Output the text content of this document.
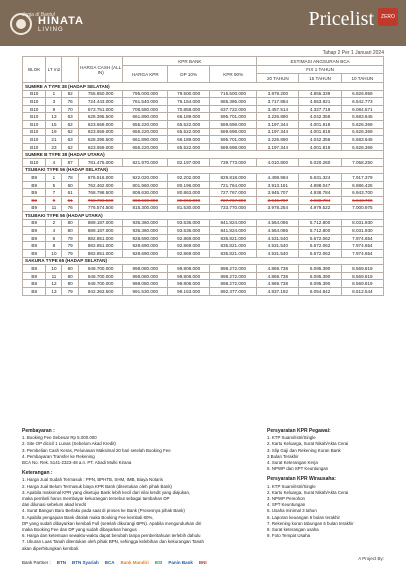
Jogja di Bantul
HINATA
LIVING	Pricelist	ZERO
Tahap 2 Per 1 Januari 2024
BLOK	LT m2		HARGA CASH (ALL IN)	KPR BANK			ESTIMASI ANGSURAN BCA		
				HARGA KPR	DP 10%	KPR 90%	FIX 1 TAHUN		
							20 TAHUN	15 TAHUN	10 TAHUN
SUMIRE A TYPE 38 (HADAP SELATAN)									
B10	1	82	755.850.000	795.000.000	79.500.000	715.500.000	3.879.200	4.855.339	6.826.959
B10	3	76	724.443.000	761.540.000	76.154.000	685.386.000	3.717.884	4.653.821	6.542.773
B10	9	70	673.751.000	708.580.000	70.858.000	637.722.000	3.457.514	4.327.719	6.084.571
B10	13	63	628.395.500	661.890.000	66.189.000	595.701.000	3.226.890	4.042.356	5.683.645
B10	15	62	623.659.000	655.220.000	65.522.000	589.698.000	3.197.344	4.001.818	5.626.369
B10	19	62	623.659.000	655.220.000	65.522.000	589.698.000	3.197.344	4.001.818	5.626.369
B10	21	63	628.395.500	661.890.000	66.189.000	595.701.000	3.226.890	4.042.356	5.683.645
B10	23	62	623.659.000	655.220.000	65.522.000	589.698.000	3.197.344	4.001.818	5.626.369
SUMIRE B TYPE 38 (HADAP UTARA)									
B10	4	87	781.475.000	821.970.000	82.197.000	739.773.000	4.010.800	5.020.260	7.058.250
TSUBAKI TYPE 56 (HADAP SELATAN)									
B9	1	78	876.516.000	922.020.000	92.202.000	829.818.000	4.498.994	5.631.324	7.917.379
B9	5	60	762.462.000	801.960.000	80.196.000	721.764.000	3.913.161	4.898.047	6.886.425
B9	7	61	768.798.500	808.630.000	80.863.000	727.767.000	3.945.707	4.938.784	6.943.700
B9	9	61	768.798.500	808.630.000	80.863.000	727.767.000	3.945.707	4.938.784	6.943.700
B9	11	76	776.574.500	815.300.000	81.530.000	733.770.000	3.978.254	4.979.522	7.000.975
TSUBAKI TYPE 56 (HADAP UTARA)									
B9	2	80	889.187.000	935.360.000	93.536.000	841.824.000	4.564.086	5.712.800	8.031.930
B9	4	80	889.187.000	935.360.000	93.536.000	841.824.000	4.564.086	5.712.800	8.031.930
B9	6	79	882.851.000	928.690.000	92.869.000	835.821.000	4.531.540	5.672.062	7.974.654
B9	8	79	882.851.000	928.690.000	92.869.000	835.821.000	4.531.540	5.672.062	7.974.654
B9	10	79	882.851.000	928.690.000	92.869.000	835.821.000	4.531.540	5.672.062	7.974.654
SAKURA TYPE 65 (HADAP SELATAN)									
B8	10	80	948.700.000	998.080.000	99.808.000	898.272.000	4.869.738	6.095.390	8.569.819
B8	11	80	948.700.000	998.080.000	99.808.000	898.272.000	4.869.738	6.095.390	8.569.819
B8	12	80	948.700.000	998.080.000	99.808.000	898.272.000	4.869.738	6.095.390	8.569.819
B8	13	79	942.363.500	991.530.000	99.153.000	892.377.000	4.837.192	6.054.842	8.512.544
Pembayaran :

1. Booking Fee Sebesar Rp 5.000.000

2. Site OP dicicil 1 Lunas (Sebelum Akad Kredit)

3. Pembelian Cash Keras, Pelunasan Maksimal 20 hari setelah Booking Fee

4. Pembayaran Transfer ke Rekening

BCA No. Rek. 5141-2323-48 a.n. PT. Abadi Mulki Kirana

Keterangan :

1. Harga Jual Sudah Termasuk : PPN, BPHTB, SHM, IMB, Biaya Notaris

2. Harga Jual Belum Termasuk biaya KPR Bank (ditentukan oleh pihak Bank)

3. Apabila maksimal KPR yang disetujui Bank lebih kecil dari nilai kredit yang diajukan,

maka pembeli harus membayar kekurangan tersebut sebagai tambahan DP

dan dilunasi sebelum akad kredit

4. Surat Bangun Baru Berlaku pada saat di proses ke Bank (Prosesnya pihak Bank)

5. Apabila pengajuan Bank ditolak maka Booking Fee kembali 80%,

DP yang sudah dibayarkan kembali Full (setelah dikurangi BPN). Apabila mengundurkan diri

maka Booking Fee dan DP yang sudah dibayarkan hangus

6. Harga dan ketentuan sewaktu-waktu dapat berubah tanpa pemberitahuan terlebih dahulu

7. Ukuran Luas Tanah ditentukan oleh pihak BPN, sehingga kelebihan dan kekurangan Tanah

akan diperhitungkan kembali.

Persyaratan KPR Pegawai:

1. KTP Suami/Istri/Single

2. Kartu Keluarga, Surat Nikah/Akta Cerai

3. Slip Gaji dan Rekening Koran Bank

3 Bulan Terakhir

4. Surat Keterangan Kerja

5. NPWP dan SPT Keuntungan

Persyaratan KPR Wirausaha:

1. KTP Suami/Istri/Single

2. Kartu Keluarga, Surat Nikah/Akta Cerai

3. NPWP Pemohon

4. SPT Keuntungan

5. Usaha minimal 3 tahun

6. Laporan keuangan 6 bulan terakhir

7. Rekening koran tabungan 6 bulan terakhir

8. Surat keterangan usaha

9. Foto Tempat Usaha

Bank Partner : BTN BTN Syariah BCA Bank Mandiri BSI Panin Bank BNI
A Project By:
